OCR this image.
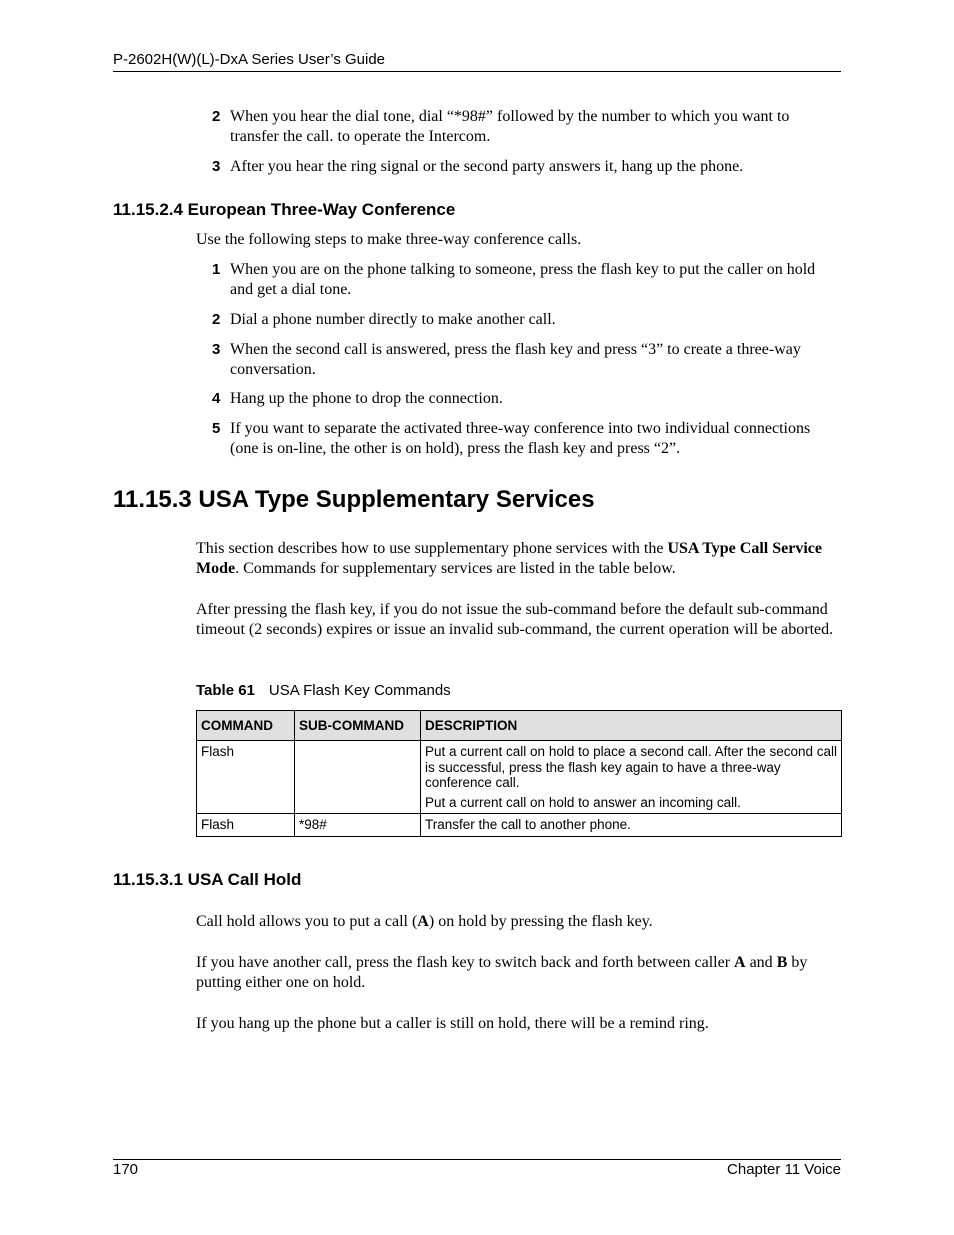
P-2602H(W)(L)-DxA Series User’s Guide
2 When you hear the dial tone, dial “*98#” followed by the number to which you want to transfer the call. to operate the Intercom.
3 After you hear the ring signal or the second party answers it, hang up the phone.
11.15.2.4 European Three-Way Conference
Use the following steps to make three-way conference calls.
1 When you are on the phone talking to someone, press the flash key to put the caller on hold and get a dial tone.
2 Dial a phone number directly to make another call.
3 When the second call is answered, press the flash key and press “3” to create a three-way conversation.
4 Hang up the phone to drop the connection.
5 If you want to separate the activated three-way conference into two individual connections (one is on-line, the other is on hold), press the flash key and press “2”.
11.15.3 USA Type Supplementary Services
This section describes how to use supplementary phone services with the USA Type Call Service Mode. Commands for supplementary services are listed in the table below.
After pressing the flash key, if you do not issue the sub-command before the default sub-command timeout (2 seconds) expires or issue an invalid sub-command, the current operation will be aborted.
Table 61 USA Flash Key Commands
COMMAND	SUB-COMMAND	DESCRIPTION
Flash		Put a current call on hold to place a second call. After the second call is successful, press the flash key again to have a three-way conference call.

Put a current call on hold to answer an incoming call.

Flash	*98#	Transfer the call to another phone.

11.15.3.1 USA Call Hold
Call hold allows you to put a call (A) on hold by pressing the flash key.
If you have another call, press the flash key to switch back and forth between caller A and B by putting either one on hold.
If you hang up the phone but a caller is still on hold, there will be a remind ring.
170	Chapter 11 Voice
